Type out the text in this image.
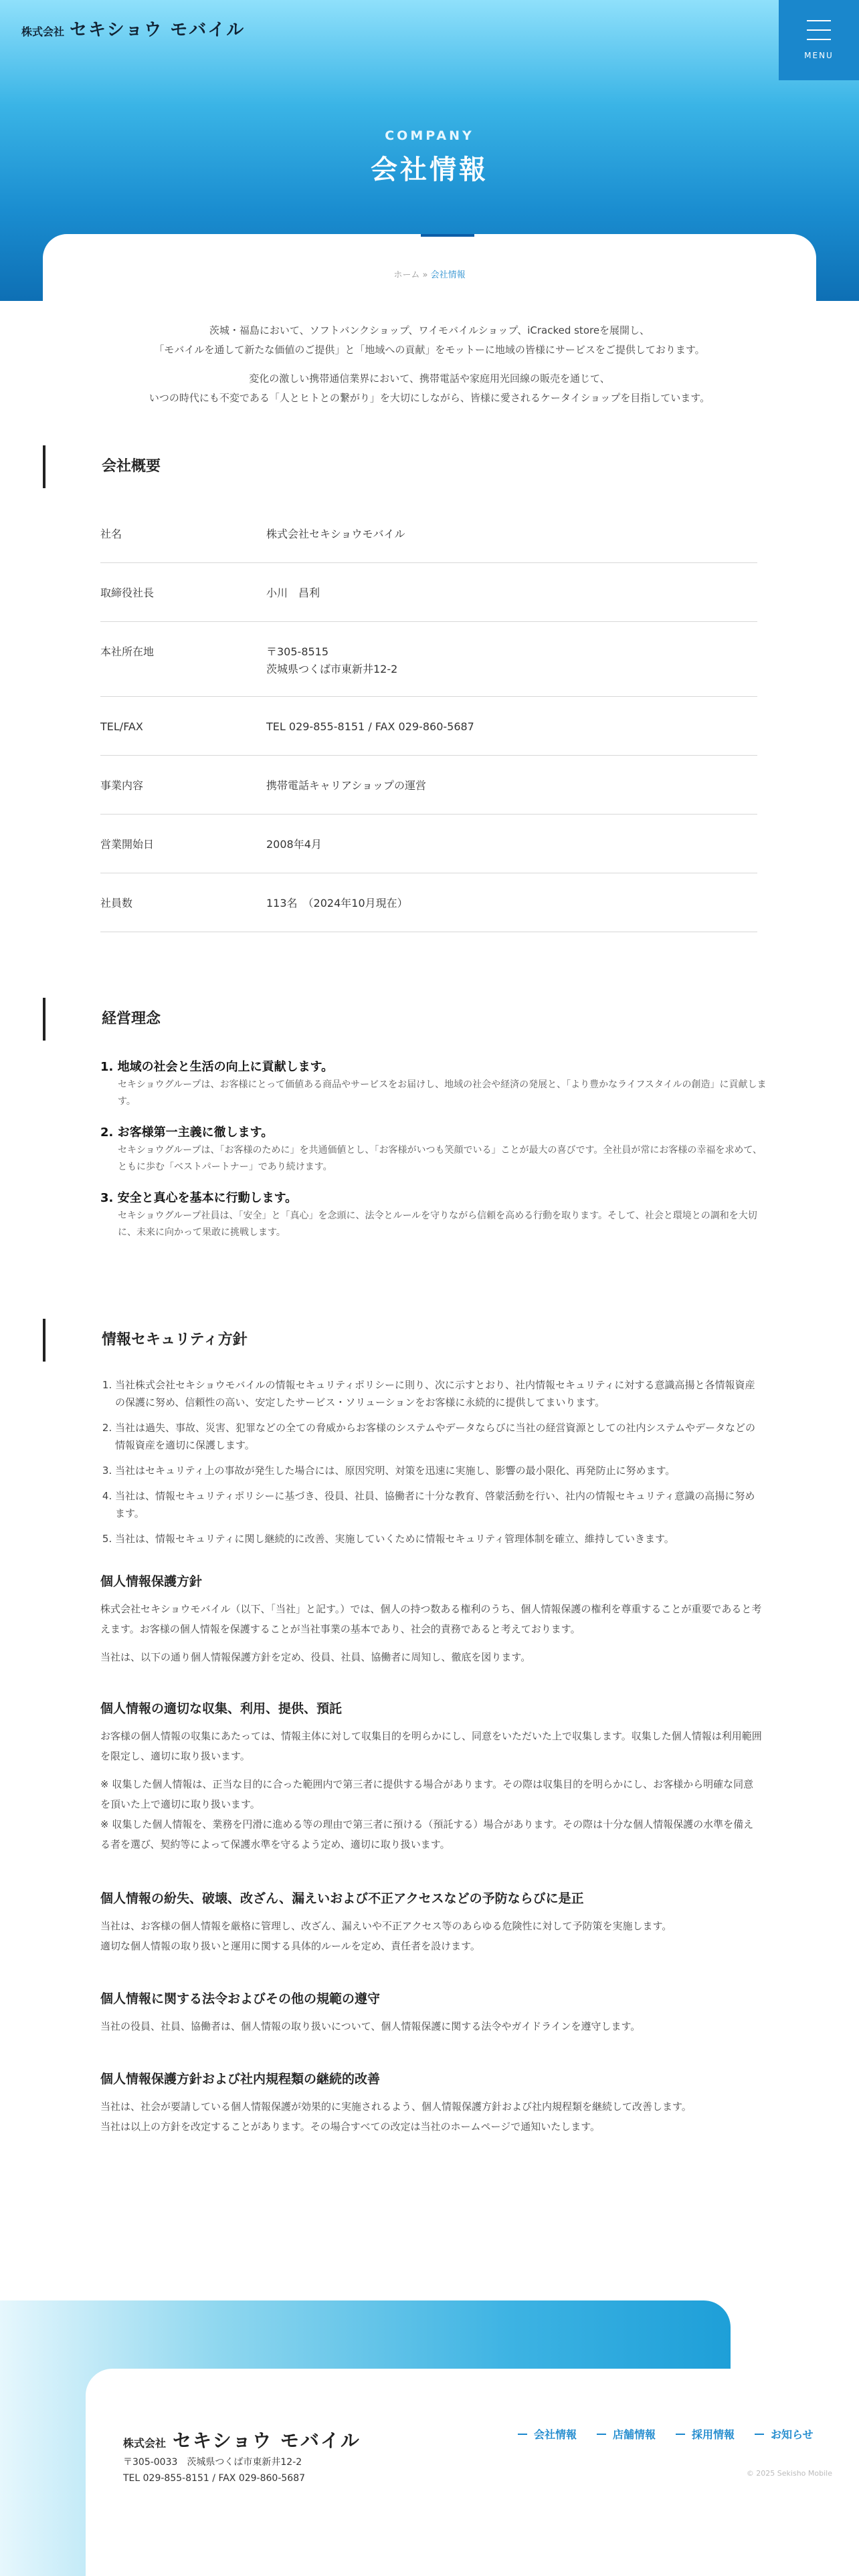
株式会社 セキショウ モバイル
MENU
COMPANY
会社情報
ホーム » 会社情報

茨城・福島において、ソフトバンクショップ、ワイモバイルショップ、iCracked storeを展開し、
「モバイルを通して新たな価値のご提供」と「地域への貢献」をモットーに地域の皆様にサービスをご提供しております。

変化の激しい携帯通信業界において、携帯電話や家庭用光回線の販売を通じて、
いつの時代にも不変である「人とヒトとの繋がり」を大切にしながら、皆様に愛されるケータイショップを目指しています。

会社概要
社名	株式会社セキショウモバイル
取締役社長	小川　昌利
本社所在地	〒305-8515
茨城県つくば市東新井12-2
TEL/FAX	TEL 029-855-8151 / FAX 029-860-5687
事業内容	携帯電話キャリアショップの運営
営業開始日	2008年4月
社員数	113名　（2024年10月現在）
経営理念
1. 地域の社会と生活の向上に貢献します。

セキショウグループは、お客様にとって価値ある商品やサービスをお届けし、地域の社会や経済の発展と、「より豊かなライフスタイルの創造」に貢献します。

2. お客様第一主義に徹します。

セキショウグループは、「お客様のために」を共通価値とし、「お客様がいつも笑顔でいる」ことが最大の喜びです。全社員が常にお客様の幸福を求めて、ともに歩む「ベストパートナー」であり続けます。

3. 安全と真心を基本に行動します。

セキショウグループ社員は、「安全」と「真心」を念頭に、法令とルールを守りながら信頼を高める行動を取ります。そして、社会と環境との調和を大切に、未来に向かって果敢に挑戦します。

情報セキュリティ方針
1. 当社株式会社セキショウモバイルの情報セキュリティポリシーに則り、次に示すとおり、社内情報セキュリティに対する意識高揚と各情報資産の保護に努め、信頼性の高い、安定したサービス・ソリューションをお客様に永続的に提供してまいります。
2. 当社は過失、事故、災害、犯罪などの全ての脅威からお客様のシステムやデータならびに当社の経営資源としての社内システムやデータなどの情報資産を適切に保護します。
3. 当社はセキュリティ上の事故が発生した場合には、原因究明、対策を迅速に実施し、影響の最小限化、再発防止に努めます。
4. 当社は、情報セキュリティポリシーに基づき、役員、社員、協働者に十分な教育、啓蒙活動を行い、社内の情報セキュリティ意識の高揚に努めます。
5. 当社は、情報セキュリティに関し継続的に改善、実施していくために情報セキュリティ管理体制を確立、維持していきます。
個人情報保護方針

株式会社セキショウモバイル（以下、「当社」と記す。）では、個人の持つ数ある権利のうち、個人情報保護の権利を尊重することが重要であると考えます。お客様の個人情報を保護することが当社事業の基本であり、社会的責務であると考えております。

当社は、以下の通り個人情報保護方針を定め、役員、社員、協働者に周知し、徹底を図ります。

個人情報の適切な収集、利用、提供、預託

お客様の個人情報の収集にあたっては、情報主体に対して収集目的を明らかにし、同意をいただいた上で収集します。収集した個人情報は利用範囲を限定し、適切に取り扱います。

※ 収集した個人情報は、正当な目的に合った範囲内で第三者に提供する場合があります。その際は収集目的を明らかにし、お客様から明確な同意を頂いた上で適切に取り扱います。
※ 収集した個人情報を、業務を円滑に進める等の理由で第三者に預ける（預託する）場合があります。その際は十分な個人情報保護の水準を備える者を選び、契約等によって保護水準を守るよう定め、適切に取り扱います。

個人情報の紛失、破壊、改ざん、漏えいおよび不正アクセスなどの予防ならびに是正

当社は、お客様の個人情報を厳格に管理し、改ざん、漏えいや不正アクセス等のあらゆる危険性に対して予防策を実施します。
適切な個人情報の取り扱いと運用に関する具体的ルールを定め、責任者を設けます。

個人情報に関する法令およびその他の規範の遵守

当社の役員、社員、協働者は、個人情報の取り扱いについて、個人情報保護に関する法令やガイドラインを遵守します。

個人情報保護方針および社内規程類の継続的改善

当社は、社会が要請している個人情報保護が効果的に実施されるよう、個人情報保護方針および社内規程類を継続して改善します。
当社は以上の方針を改定することがあります。その場合すべての改定は当社のホームページで通知いたします。

株式会社 セキショウ モバイル
〒305-0033　茨城県つくば市東新井12-2
TEL 029-855-8151 / FAX 029-860-5687
会社情報	店舗情報	採用情報	お知らせ
© 2025 Sekisho Mobile
